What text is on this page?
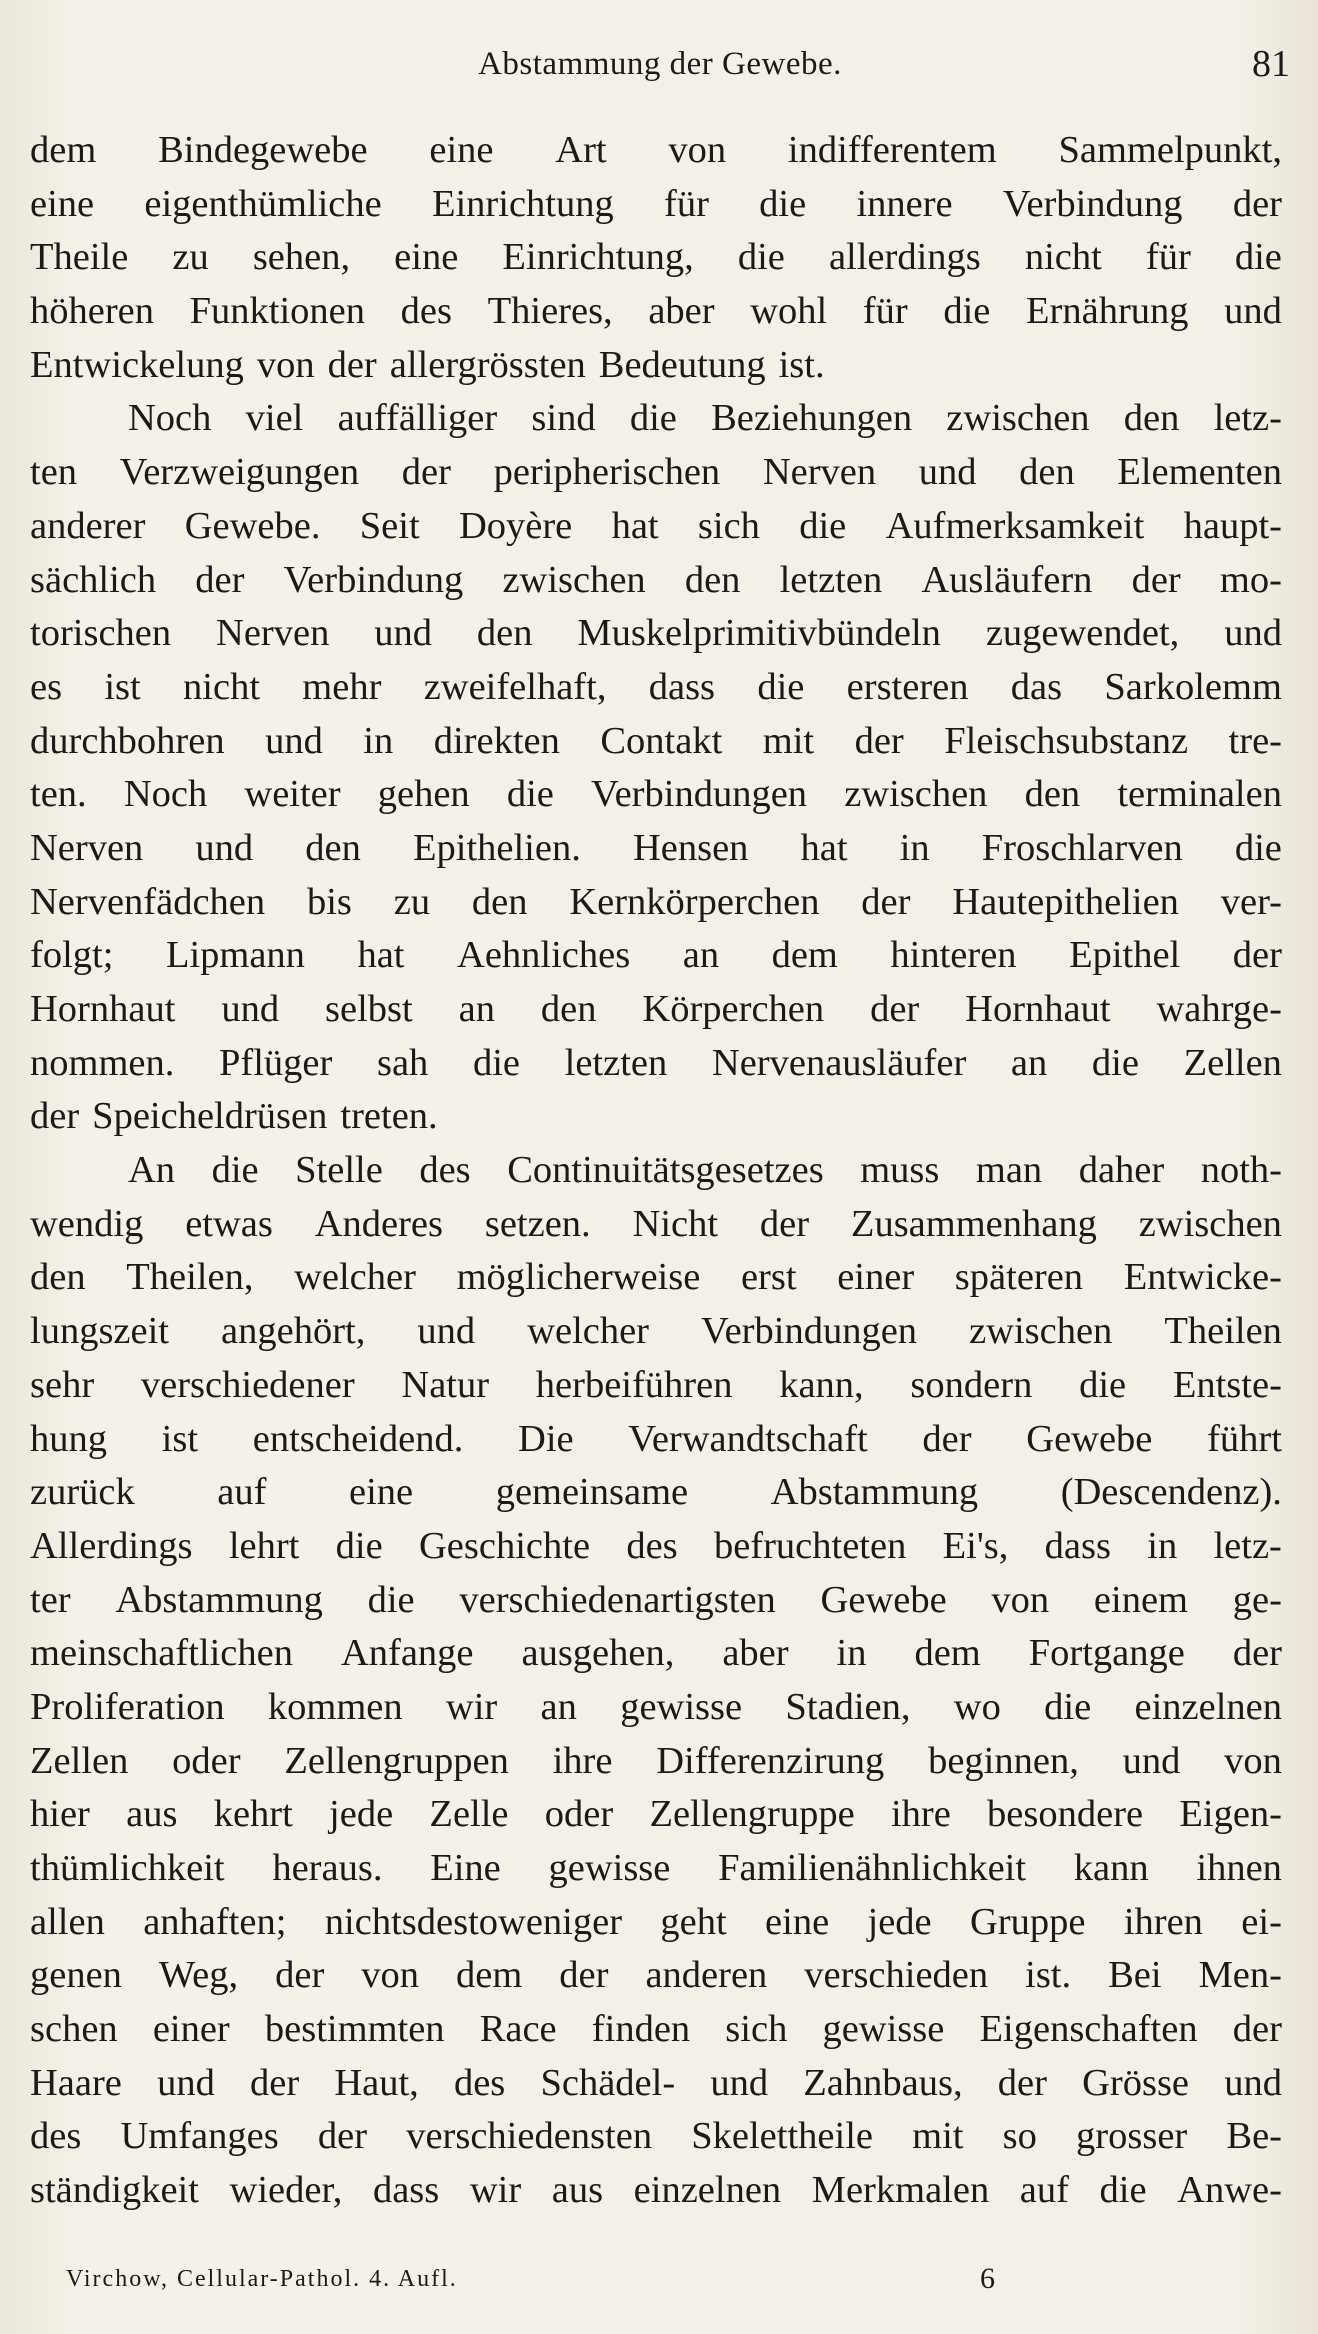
Abstammung der Gewebe.	81
dem Bindegewebe eine Art von indifferentem Sammelpunkt,
eine eigenthümliche Einrichtung für die innere Verbindung der
Theile zu sehen, eine Einrichtung, die allerdings nicht für die
höheren Funktionen des Thieres, aber wohl für die Ernährung und
Entwickelung von der allergrössten Bedeutung ist.
Noch viel auffälliger sind die Beziehungen zwischen den letz-
ten Verzweigungen der peripherischen Nerven und den Elementen
anderer Gewebe. Seit Doyère hat sich die Aufmerksamkeit haupt-
sächlich der Verbindung zwischen den letzten Ausläufern der mo-
torischen Nerven und den Muskelprimitivbündeln zugewendet, und
es ist nicht mehr zweifelhaft, dass die ersteren das Sarkolemm
durchbohren und in direkten Contakt mit der Fleischsubstanz tre-
ten. Noch weiter gehen die Verbindungen zwischen den terminalen
Nerven und den Epithelien. Hensen hat in Froschlarven die
Nervenfädchen bis zu den Kernkörperchen der Hautepithelien ver-
folgt; Lipmann hat Aehnliches an dem hinteren Epithel der
Hornhaut und selbst an den Körperchen der Hornhaut wahrge-
nommen. Pflüger sah die letzten Nervenausläufer an die Zellen
der Speicheldrüsen treten.
An die Stelle des Continuitätsgesetzes muss man daher noth-
wendig etwas Anderes setzen. Nicht der Zusammenhang zwischen
den Theilen, welcher möglicherweise erst einer späteren Entwicke-
lungszeit angehört, und welcher Verbindungen zwischen Theilen
sehr verschiedener Natur herbeiführen kann, sondern die Entste-
hung ist entscheidend. Die Verwandtschaft der Gewebe führt
zurück auf eine gemeinsame Abstammung (Descendenz).
Allerdings lehrt die Geschichte des befruchteten Ei's, dass in letz-
ter Abstammung die verschiedenartigsten Gewebe von einem ge-
meinschaftlichen Anfange ausgehen, aber in dem Fortgange der
Proliferation kommen wir an gewisse Stadien, wo die einzelnen
Zellen oder Zellengruppen ihre Differenzirung beginnen, und von
hier aus kehrt jede Zelle oder Zellengruppe ihre besondere Eigen-
thümlichkeit heraus. Eine gewisse Familienähnlichkeit kann ihnen
allen anhaften; nichtsdestoweniger geht eine jede Gruppe ihren ei-
genen Weg, der von dem der anderen verschieden ist. Bei Men-
schen einer bestimmten Race finden sich gewisse Eigenschaften der
Haare und der Haut, des Schädel- und Zahnbaus, der Grösse und
des Umfanges der verschiedensten Skelettheile mit so grosser Be-
ständigkeit wieder, dass wir aus einzelnen Merkmalen auf die Anwe-
Virchow, Cellular-Pathol. 4. Aufl.	6
